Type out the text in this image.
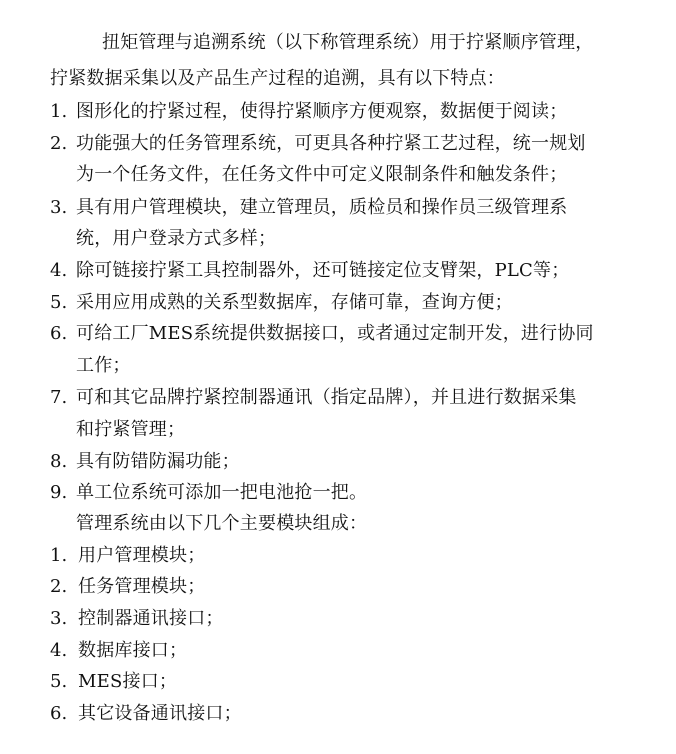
扭矩管理与追溯系统（以下称管理系统）用于拧紧顺序管理，
拧紧数据采集以及产品生产过程的追溯，具有以下特点：
1. 图形化的拧紧过程，使得拧紧顺序方便观察，数据便于阅读；
2. 功能强大的任务管理系统，可更具各种拧紧工艺过程，统一规划
为一个任务文件，在任务文件中可定义限制条件和触发条件；
3. 具有用户管理模块，建立管理员，质检员和操作员三级管理系
统，用户登录方式多样；
4. 除可链接拧紧工具控制器外，还可链接定位支臂架，PLC等；
5. 采用应用成熟的关系型数据库，存储可靠，查询方便；
6. 可给工厂MES系统提供数据接口，或者通过定制开发，进行协同
工作；
7. 可和其它品牌拧紧控制器通讯（指定品牌），并且进行数据采集
和拧紧管理；
8. 具有防错防漏功能；
9. 单工位系统可添加一把电池抢一把。
管理系统由以下几个主要模块组成：
1. 用户管理模块；
2. 任务管理模块；
3. 控制器通讯接口；
4. 数据库接口；
5. MES接口；
6. 其它设备通讯接口；
